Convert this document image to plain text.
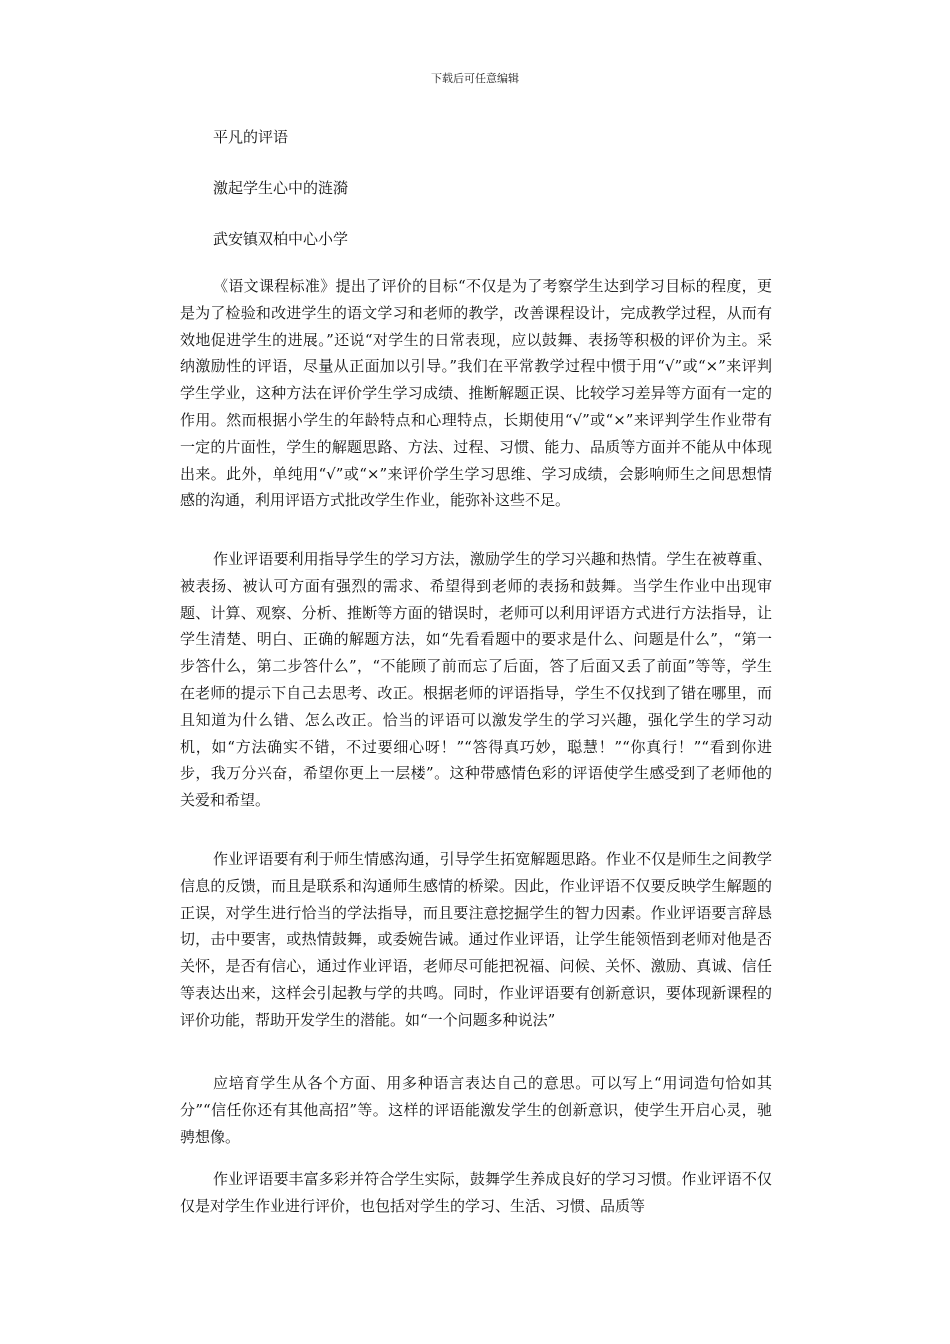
下载后可任意编辑
平凡的评语
激起学生心中的涟漪
武安镇双柏中心小学

《语文课程标准》提出了评价的目标“不仅是为了考察学生达到学习目标的程度，更是为了检验和改进学生的语文学习和老师的教学，改善课程设计，完成教学过程，从而有效地促进学生的进展。”还说“对学生的日常表现，应以鼓舞、表扬等积极的评价为主。采纳激励性的评语，尽量从正面加以引导。”我们在平常教学过程中惯于用“√”或“×”来评判学生学业，这种方法在评价学生学习成绩、推断解题正误、比较学习差异等方面有一定的作用。然而根据小学生的年龄特点和心理特点，长期使用“√”或“×”来评判学生作业带有一定的片面性，学生的解题思路、方法、过程、习惯、能力、品质等方面并不能从中体现出来。此外，单纯用“√”或“×”来评价学生学习思维、学习成绩，会影响师生之间思想情感的沟通，利用评语方式批改学生作业，能弥补这些不足。

作业评语要利用指导学生的学习方法，激励学生的学习兴趣和热情。学生在被尊重、被表扬、被认可方面有强烈的需求、希望得到老师的表扬和鼓舞。当学生作业中出现审题、计算、观察、分析、推断等方面的错误时，老师可以利用评语方式进行方法指导，让学生清楚、明白、正确的解题方法，如“先看看题中的要求是什么、问题是什么”，“第一步答什么，第二步答什么”，“不能顾了前而忘了后面，答了后面又丢了前面”等等，学生在老师的提示下自己去思考、改正。根据老师的评语指导，学生不仅找到了错在哪里，而且知道为什么错、怎么改正。恰当的评语可以激发学生的学习兴趣，强化学生的学习动机，如“方法确实不错，不过要细心呀！”“答得真巧妙，聪慧！”“你真行！”“看到你进步，我万分兴奋，希望你更上一层楼”。这种带感情色彩的评语使学生感受到了老师他的关爱和希望。

作业评语要有利于师生情感沟通，引导学生拓宽解题思路。作业不仅是师生之间教学信息的反馈，而且是联系和沟通师生感情的桥梁。因此，作业评语不仅要反映学生解题的正误，对学生进行恰当的学法指导，而且要注意挖掘学生的智力因素。作业评语要言辞恳切，击中要害，或热情鼓舞，或委婉告诫。通过作业评语，让学生能领悟到老师对他是否关怀，是否有信心，通过作业评语，老师尽可能把祝福、问候、关怀、激励、真诚、信任等表达出来，这样会引起教与学的共鸣。同时，作业评语要有创新意识，要体现新课程的评价功能，帮助开发学生的潜能。如“一个问题多种说法”

应培育学生从各个方面、用多种语言表达自己的意思。可以写上“用词造句恰如其分”“信任你还有其他高招”等。这样的评语能激发学生的创新意识，使学生开启心灵，驰骋想像。

作业评语要丰富多彩并符合学生实际，鼓舞学生养成良好的学习习惯。作业评语不仅仅是对学生作业进行评价，也包括对学生的学习、生活、习惯、品质等
